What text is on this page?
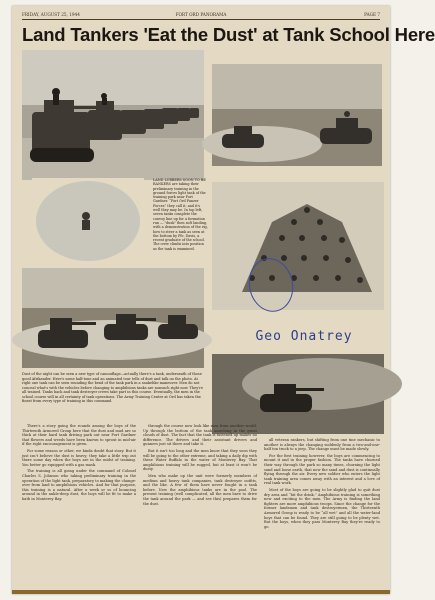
FRIDAY, AUGUST 25, 1944	FORT ORD PANORAMA	PAGE 7
Land Tankers 'Eat the Dust' at Tank School Here

LAND LUBBERS SOON TO BE RANKERS are taking their preliminary training in the ground forces light tank of the training park near Fort Gardner. “Fort Ord Panzer Forces” they call it, and it's well they may be. In top left, seven tanks complete the convoy line up for a formation run — "dusk" then soft landing, with a demonstration of the rig, how to steer a tank as seen at the bottom by Pfc. Davis, a recent graduate of the school. The crew climbs into position as the tank is examined.

Geo Onatrey

Dust of the night can be seen a new type of camouflage—actually there's a tank, underneath of those good Afrikander. Here's some half-tone and an animated tour tells of dust and talk on the photo. At right one tank can be seen rounding the bend of the tank park in a snakelike maneuver. Men do not conceal what's with the vehicles before changing to amphibious tanks are nonsuch right now. They're all trained. Tanks back and tank destroyer crews take part in this course. Eventually, the men in the school course will in all certainty of tank operations. The Army Training Center at Ord has taken the finest from every type of training in this command.

There's a story going the rounds among the boys of the Thirteenth Armored Group here that the dust and mud are so thick at their hard tank driving park out near Fort Gardner that flowers and weeds have been known to sprout in mid-air if the right encouragement is given.

For some reason or other, we kinda doubt that story. But it just isn't believe the dust is heavy; they take a little trip out there some day when the boys are in the midst of training. You better go equipped with a gas mask.

The training is all going under the command of Colonel Charles S. Johnson who taking preliminary training in the operation of the light tank, preparatory to making the change-over from land to amphibious vehicles. And for that purpose, this training is a natural. After a week or so of bouncing around in the ankle-deep dust, the boys will be fit to make a bath in Monterey Bay.

through the course now look like men from another world. Up through the bottom of the tank marching in the great clouds of dust. The fact that the tank is fastened up makes no difference. The drivers and their assistant drivers and gunners just sit there and take it.

But it isn't too long and the men know that they soon they will be going to the other extreme, and taking a daily dip with these Water Buffalo in the water of Monterey Bay. That amphibious training will be rugged, but at least it won't be dusty.

Men who make up the unit were formerly members of medium and heavy tank companies, tank destroyer outfits, and the like. A few of them have never fought in a tank before. Now the amphibious tanks are in the pool. The present training (well complicated, all the men have to drive the tank around the park — and see this) prepares them for the dust.

all veteran rankers, but shifting from one tine mechanic to another is always the changing suddenly from a two-and-one-half ton truck to a jeep. The change must be made slowly.

For the first training however, the boys are commencing to mount it and in the proper fashion. The tanks have churned their way through the park so many times, churning the light sand and loose earth, that now the sand and dust is continually flying through the air. Every new soldier who enters the light tank training area comes away with an interest and a love of real tank work.

Most of the boys are going to be slightly glad to quit dust dry area and “hit the drink.” Amphibious training is something new and exciting to the men. The Army is finding the land fighters are more amphibious troops. Since the change for the former landsmen and tank destroyermen, the Thirteenth Armored Group is ready to be “all wet” and all the water-land boys that can be found. They are still going to be plenty wet. But the boys, when they pass Monterey Bay they're ready to go.
